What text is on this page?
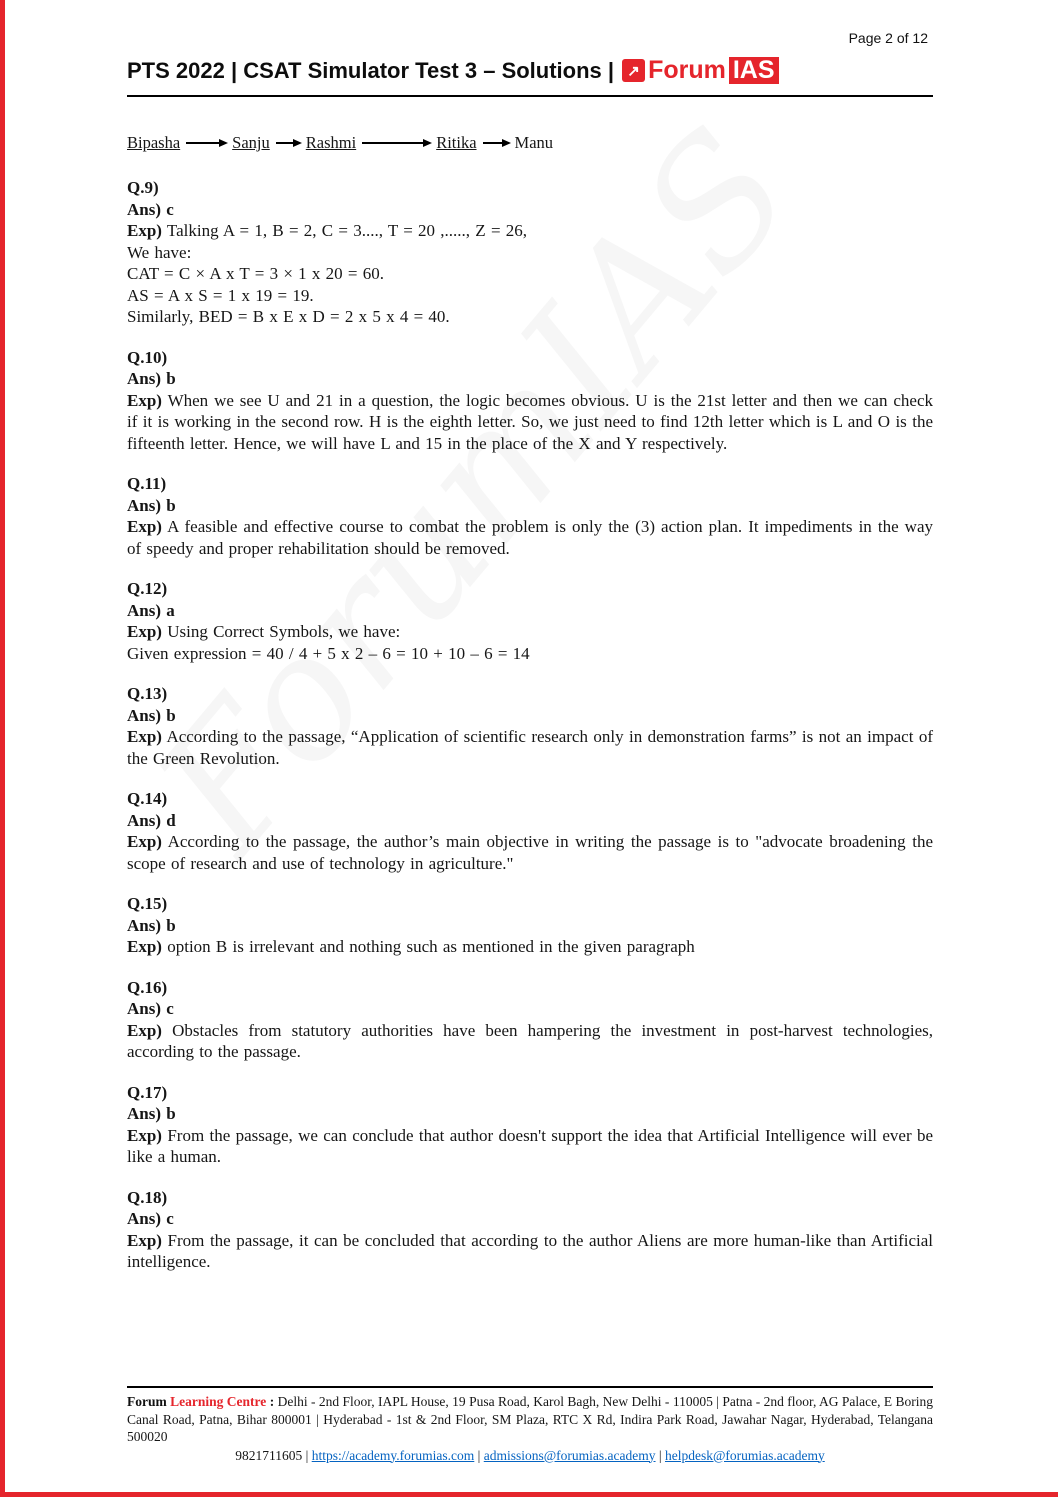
Page 2 of 12
PTS 2022 | CSAT Simulator Test 3 – Solutions | ↗ Forum IAS
Bipasha	Sanju Rashmi	Ritika Manu
Q.9)
Ans) c
Exp) Talking A = 1, B = 2, C = 3...., T = 20 ,....., Z = 26,
We have:
CAT = C × A x T = 3 × 1 x 20 = 60.
AS = A x S = 1 x 19 = 19.
Similarly, BED = B x E x D = 2 x 5 x 4 = 40.
Q.10)
Ans) b
Exp) When we see U and 21 in a question, the logic becomes obvious. U is the 21st letter and then we can check if it is working in the second row. H is the eighth letter. So, we just need to find 12th letter which is L and O is the fifteenth letter. Hence, we will have L and 15 in the place of the X and Y respectively.
Q.11)
Ans) b
Exp) A feasible and effective course to combat the problem is only the (3) action plan. It impediments in the way of speedy and proper rehabilitation should be removed.
Q.12)
Ans) a
Exp) Using Correct Symbols, we have:
Given expression = 40 / 4 + 5 x 2 – 6 = 10 + 10 – 6 = 14
Q.13)
Ans) b
Exp) According to the passage, “Application of scientific research only in demonstration farms” is not an impact of the Green Revolution.
Q.14)
Ans) d
Exp) According to the passage, the author’s main objective in writing the passage is to "advocate broadening the scope of research and use of technology in agriculture."
Q.15)
Ans) b
Exp) option B is irrelevant and nothing such as mentioned in the given paragraph
Q.16)
Ans) c
Exp) Obstacles from statutory authorities have been hampering the investment in post-harvest technologies, according to the passage.
Q.17)
Ans) b
Exp) From the passage, we can conclude that author doesn't support the idea that Artificial Intelligence will ever be like a human.
Q.18)
Ans) c
Exp) From the passage, it can be concluded that according to the author Aliens are more human-like than Artificial intelligence.
Forum Learning Centre : Delhi - 2nd Floor, IAPL House, 19 Pusa Road, Karol Bagh, New Delhi - 110005 | Patna - 2nd floor, AG Palace, E Boring Canal Road, Patna, Bihar 800001 | Hyderabad - 1st & 2nd Floor, SM Plaza, RTC X Rd, Indira Park Road, Jawahar Nagar, Hyderabad, Telangana 500020
9821711605 | https://academy.forumias.com | admissions@forumias.academy | helpdesk@forumias.academy
